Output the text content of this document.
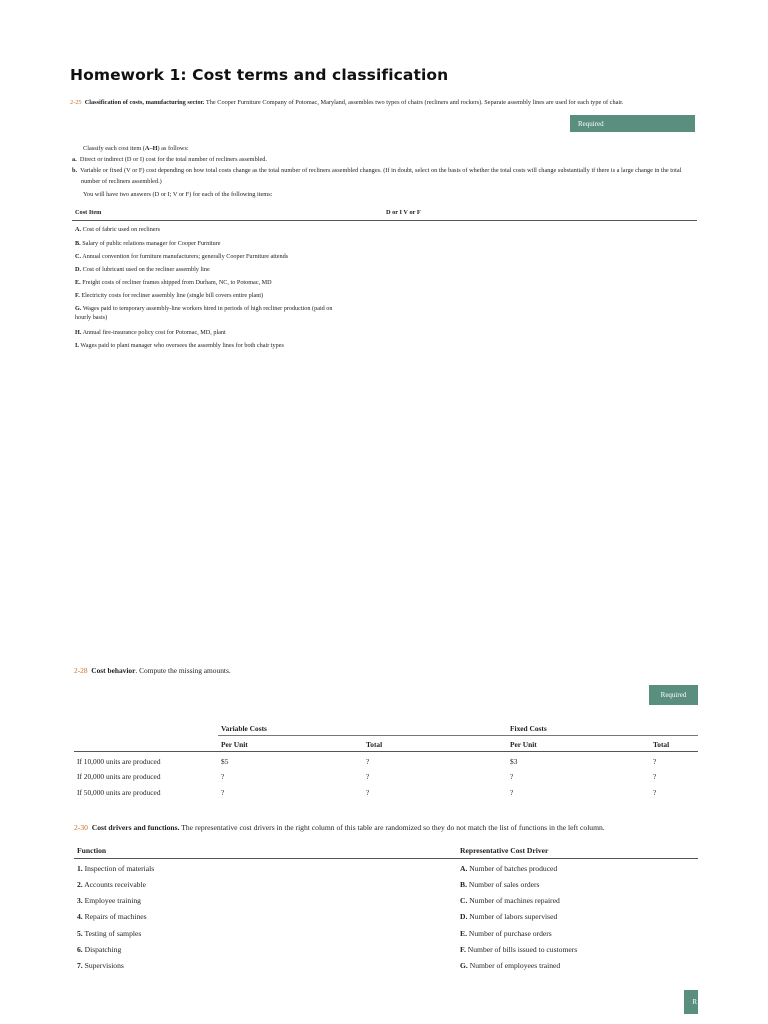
Homework 1: Cost terms and classification
2-25 Classification of costs, manufacturing sector. The Cooper Furniture Company of Potomac, Maryland, assembles two types of chairs (recliners and rockers). Separate assembly lines are used for each type of chair.
Required
Classify each cost item (A–H) as follows:
a. Direct or indirect (D or I) cost for the total number of recliners assembled.
b. Variable or fixed (V or F) cost depending on how total costs change as the total number of recliners assembled changes. (If in doubt, select on the basis of whether the total costs will change substantially if there is a large change in the total
number of recliners assembled.)
You will have two answers (D or I; V or F) for each of the following items:
Cost Item	D or I V or F
A. Cost of fabric used on recliners
B. Salary of public relations manager for Cooper Furniture
C. Annual convention for furniture manufacturers; generally Cooper Furniture attends
D. Cost of lubricant used on the recliner assembly line
E. Freight costs of recliner frames shipped from Durham, NC, to Potomac, MD
F. Electricity costs for recliner assembly line (single bill covers entire plant)
G. Wages paid to temporary assembly-line workers hired in periods of high recliner production (paid on
hourly basis)
H. Annual fire-insurance policy cost for Potomac, MD, plant
I. Wages paid to plant manager who oversees the assembly lines for both chair types
2-28 Cost behavior. Compute the missing amounts.
Required
Variable Costs	Fixed Costs
Per Unit	Total	Per Unit	Total
If 10,000 units are produced	$5	?	$3	?
If 20,000 units are produced	?	?	?	?
If 50,000 units are produced	?	?	?	?
2-30 Cost drivers and functions. The representative cost drivers in the right column of this table are randomized so they do not match the list of functions in the left column.
Function	Representative Cost Driver
1. Inspection of materials	A. Number of batches produced
2. Accounts receivable	B. Number of sales orders
3. Employee training	C. Number of machines repaired
4. Repairs of machines	D. Number of labors supervised
5. Testing of samples	E. Number of purchase orders
6. Dispatching	F. Number of bills issued to customers
7. Supervisions	G. Number of employees trained
R
